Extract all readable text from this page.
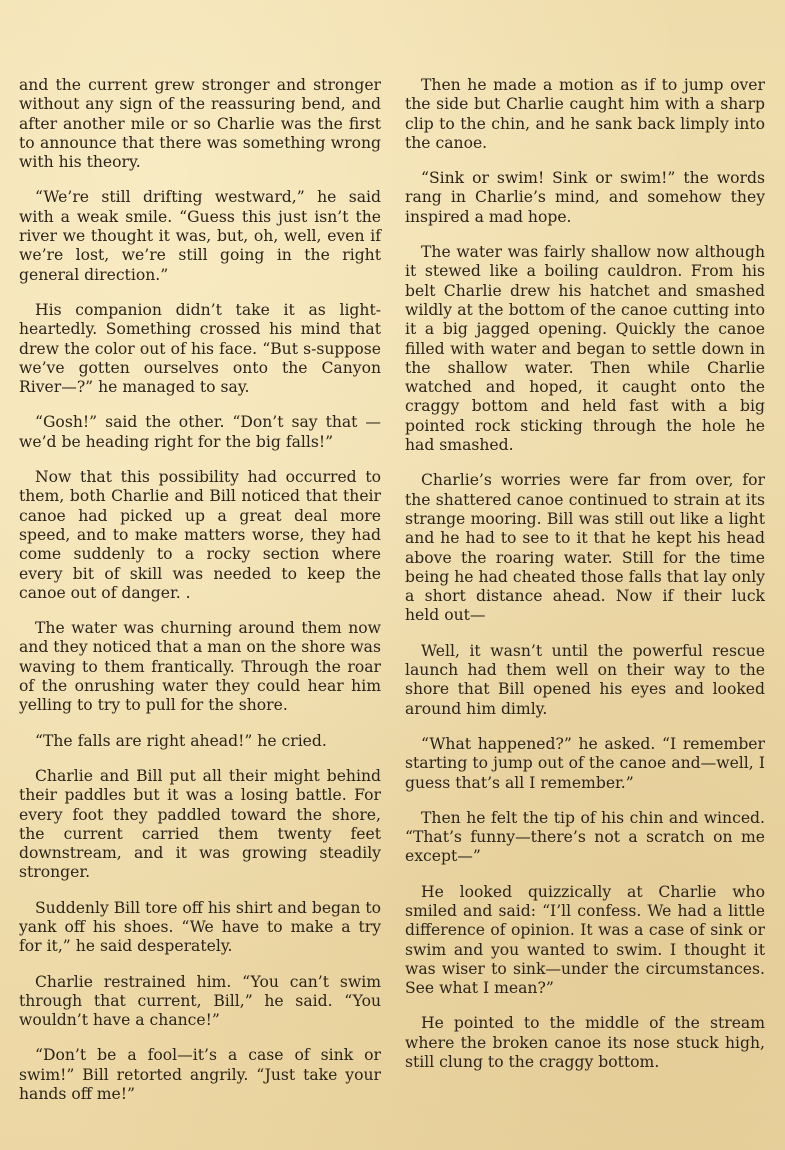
and the current grew stronger and stronger without any sign of the reassuring bend, and after another mile or so Charlie was the first to announce that there was something wrong with his theory.

“We’re still drifting westward,” he said with a weak smile. “Guess this just isn’t the river we thought it was, but, oh, well, even if we’re lost, we’re still going in the right general direction.”

His companion didn’t take it as light-heartedly. Something crossed his mind that drew the color out of his face. “But s-suppose we’ve gotten ourselves onto the Canyon River—?” he managed to say.

“Gosh!” said the other. “Don’t say that —we’d be heading right for the big falls!”

Now that this possibility had occurred to them, both Charlie and Bill noticed that their canoe had picked up a great deal more speed, and to make matters worse, they had come suddenly to a rocky section where every bit of skill was needed to keep the canoe out of danger. .

The water was churning around them now and they noticed that a man on the shore was waving to them frantically. Through the roar of the onrushing water they could hear him yelling to try to pull for the shore.

“The falls are right ahead!” he cried.

Charlie and Bill put all their might behind their paddles but it was a losing battle. For every foot they paddled toward the shore, the current carried them twenty feet downstream, and it was growing steadily stronger.

Suddenly Bill tore off his shirt and began to yank off his shoes. “We have to make a try for it,” he said desperately.

Charlie restrained him. “You can’t swim through that current, Bill,” he said. “You wouldn’t have a chance!”

“Don’t be a fool—it’s a case of sink or swim!” Bill retorted angrily. “Just take your hands off me!”

Then he made a motion as if to jump over the side but Charlie caught him with a sharp clip to the chin, and he sank back limply into the canoe.

“Sink or swim! Sink or swim!” the words rang in Charlie’s mind, and somehow they inspired a mad hope.

The water was fairly shallow now although it stewed like a boiling cauldron. From his belt Charlie drew his hatchet and smashed wildly at the bottom of the canoe cutting into it a big jagged opening. Quickly the canoe filled with water and began to settle down in the shallow water. Then while Charlie watched and hoped, it caught onto the craggy bottom and held fast with a big pointed rock sticking through the hole he had smashed.

Charlie’s worries were far from over, for the shattered canoe continued to strain at its strange mooring. Bill was still out like a light and he had to see to it that he kept his head above the roaring water. Still for the time being he had cheated those falls that lay only a short distance ahead. Now if their luck held out—

Well, it wasn’t until the powerful rescue launch had them well on their way to the shore that Bill opened his eyes and looked around him dimly.

“What happened?” he asked. “I remember starting to jump out of the canoe and—well, I guess that’s all I remember.”

Then he felt the tip of his chin and winced. “That’s funny—there’s not a scratch on me except—”

He looked quizzically at Charlie who smiled and said: “I’ll confess. We had a little difference of opinion. It was a case of sink or swim and you wanted to swim. I thought it was wiser to sink—under the circumstances. See what I mean?”

He pointed to the middle of the stream where the broken canoe its nose stuck high, still clung to the craggy bottom.
